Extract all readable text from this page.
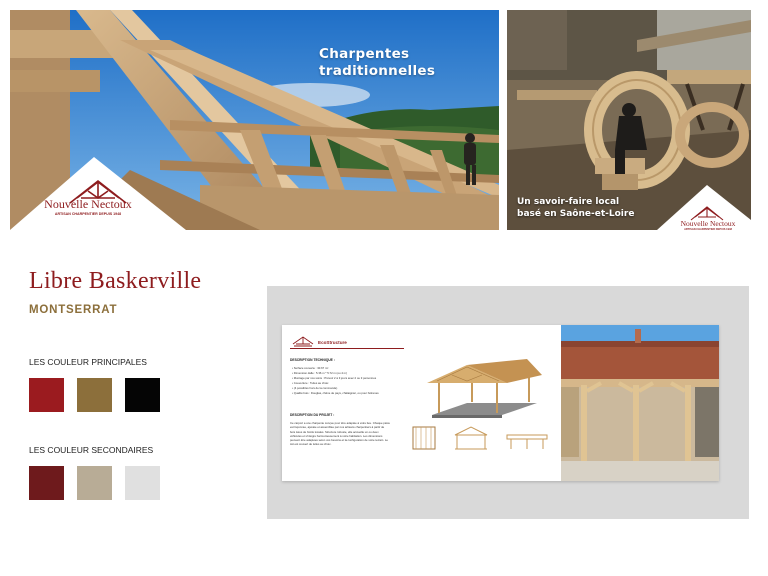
Charpentes
traditionnelles
Nouvelle Nectoux
ARTISAN CHARPENTIER DEPUIS 1948
Un savoir-faire local
basé en Saône-et-Loire
Nouvelle Nectoux
ARTISAN CHARPENTIER DEPUIS 1948
Libre Baskerville
MONTSERRAT
LES COULEUR PRINCIPALES
LES COULEUR SECONDAIRES
EcoStructure
DESCRIPTION TECHNIQUE :
• Surface couverte : 30.67 m²
• Dimension dalle : 5.36 m * 5.72 m (ou 4 m)
• Montage par nos soins : Prévoir 2 à 3 jours avec 2 ou 3 personnes
• Couverture : Tuiles au choix
• (4 possibles hors de la commande)
• Qualité bois : Douglas, chêne de pays, châtaignier, ou pour hêtrenes
DESCRIPTION DU PROJET :
Ce carport a une charpente conçue pour être adaptée à votre lieu. Chaque pièce est façonnée, ajustée et assemblée par nos artisans charpentiers à partir de bois issus de forêts locales. Structure robuste, elle accueille un ou deux véhicules et s'intègre harmonieusement à votre habitation. Les dimensions peuvent être adaptées selon vos besoins et la configuration de votre terrain. Le toit est couvert de tuiles au choix.
